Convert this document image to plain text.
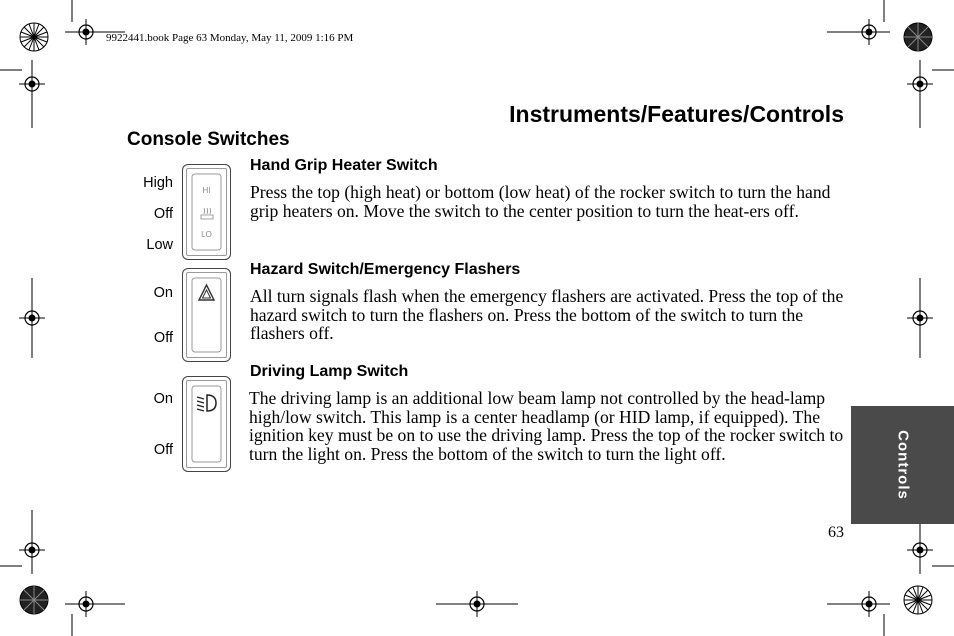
9922441.book Page 63 Monday, May 11, 2009 1:16 PM
Instruments/Features/Controls
Console Switches
High
Off
Low
HI
LO
Hand Grip Heater Switch
Press the top (high heat) or bottom (low heat) of the rocker switch to turn the hand grip heaters on. Move the switch to the center position to turn the heat-ers off.
On
Off
Hazard Switch/Emergency Flashers
All turn signals flash when the emergency flashers are activated. Press the top of the hazard switch to turn the flashers on. Press the bottom of the switch to turn the flashers off.
On
Off
Driving Lamp Switch
The driving lamp is an additional low beam lamp not controlled by the head-lamp high/low switch. This lamp is a center headlamp (or HID lamp, if equipped). The ignition key must be on to use the driving lamp. Press the top of the rocker switch to turn the light on. Press the bottom of the switch to turn the light off.	Controls
63
